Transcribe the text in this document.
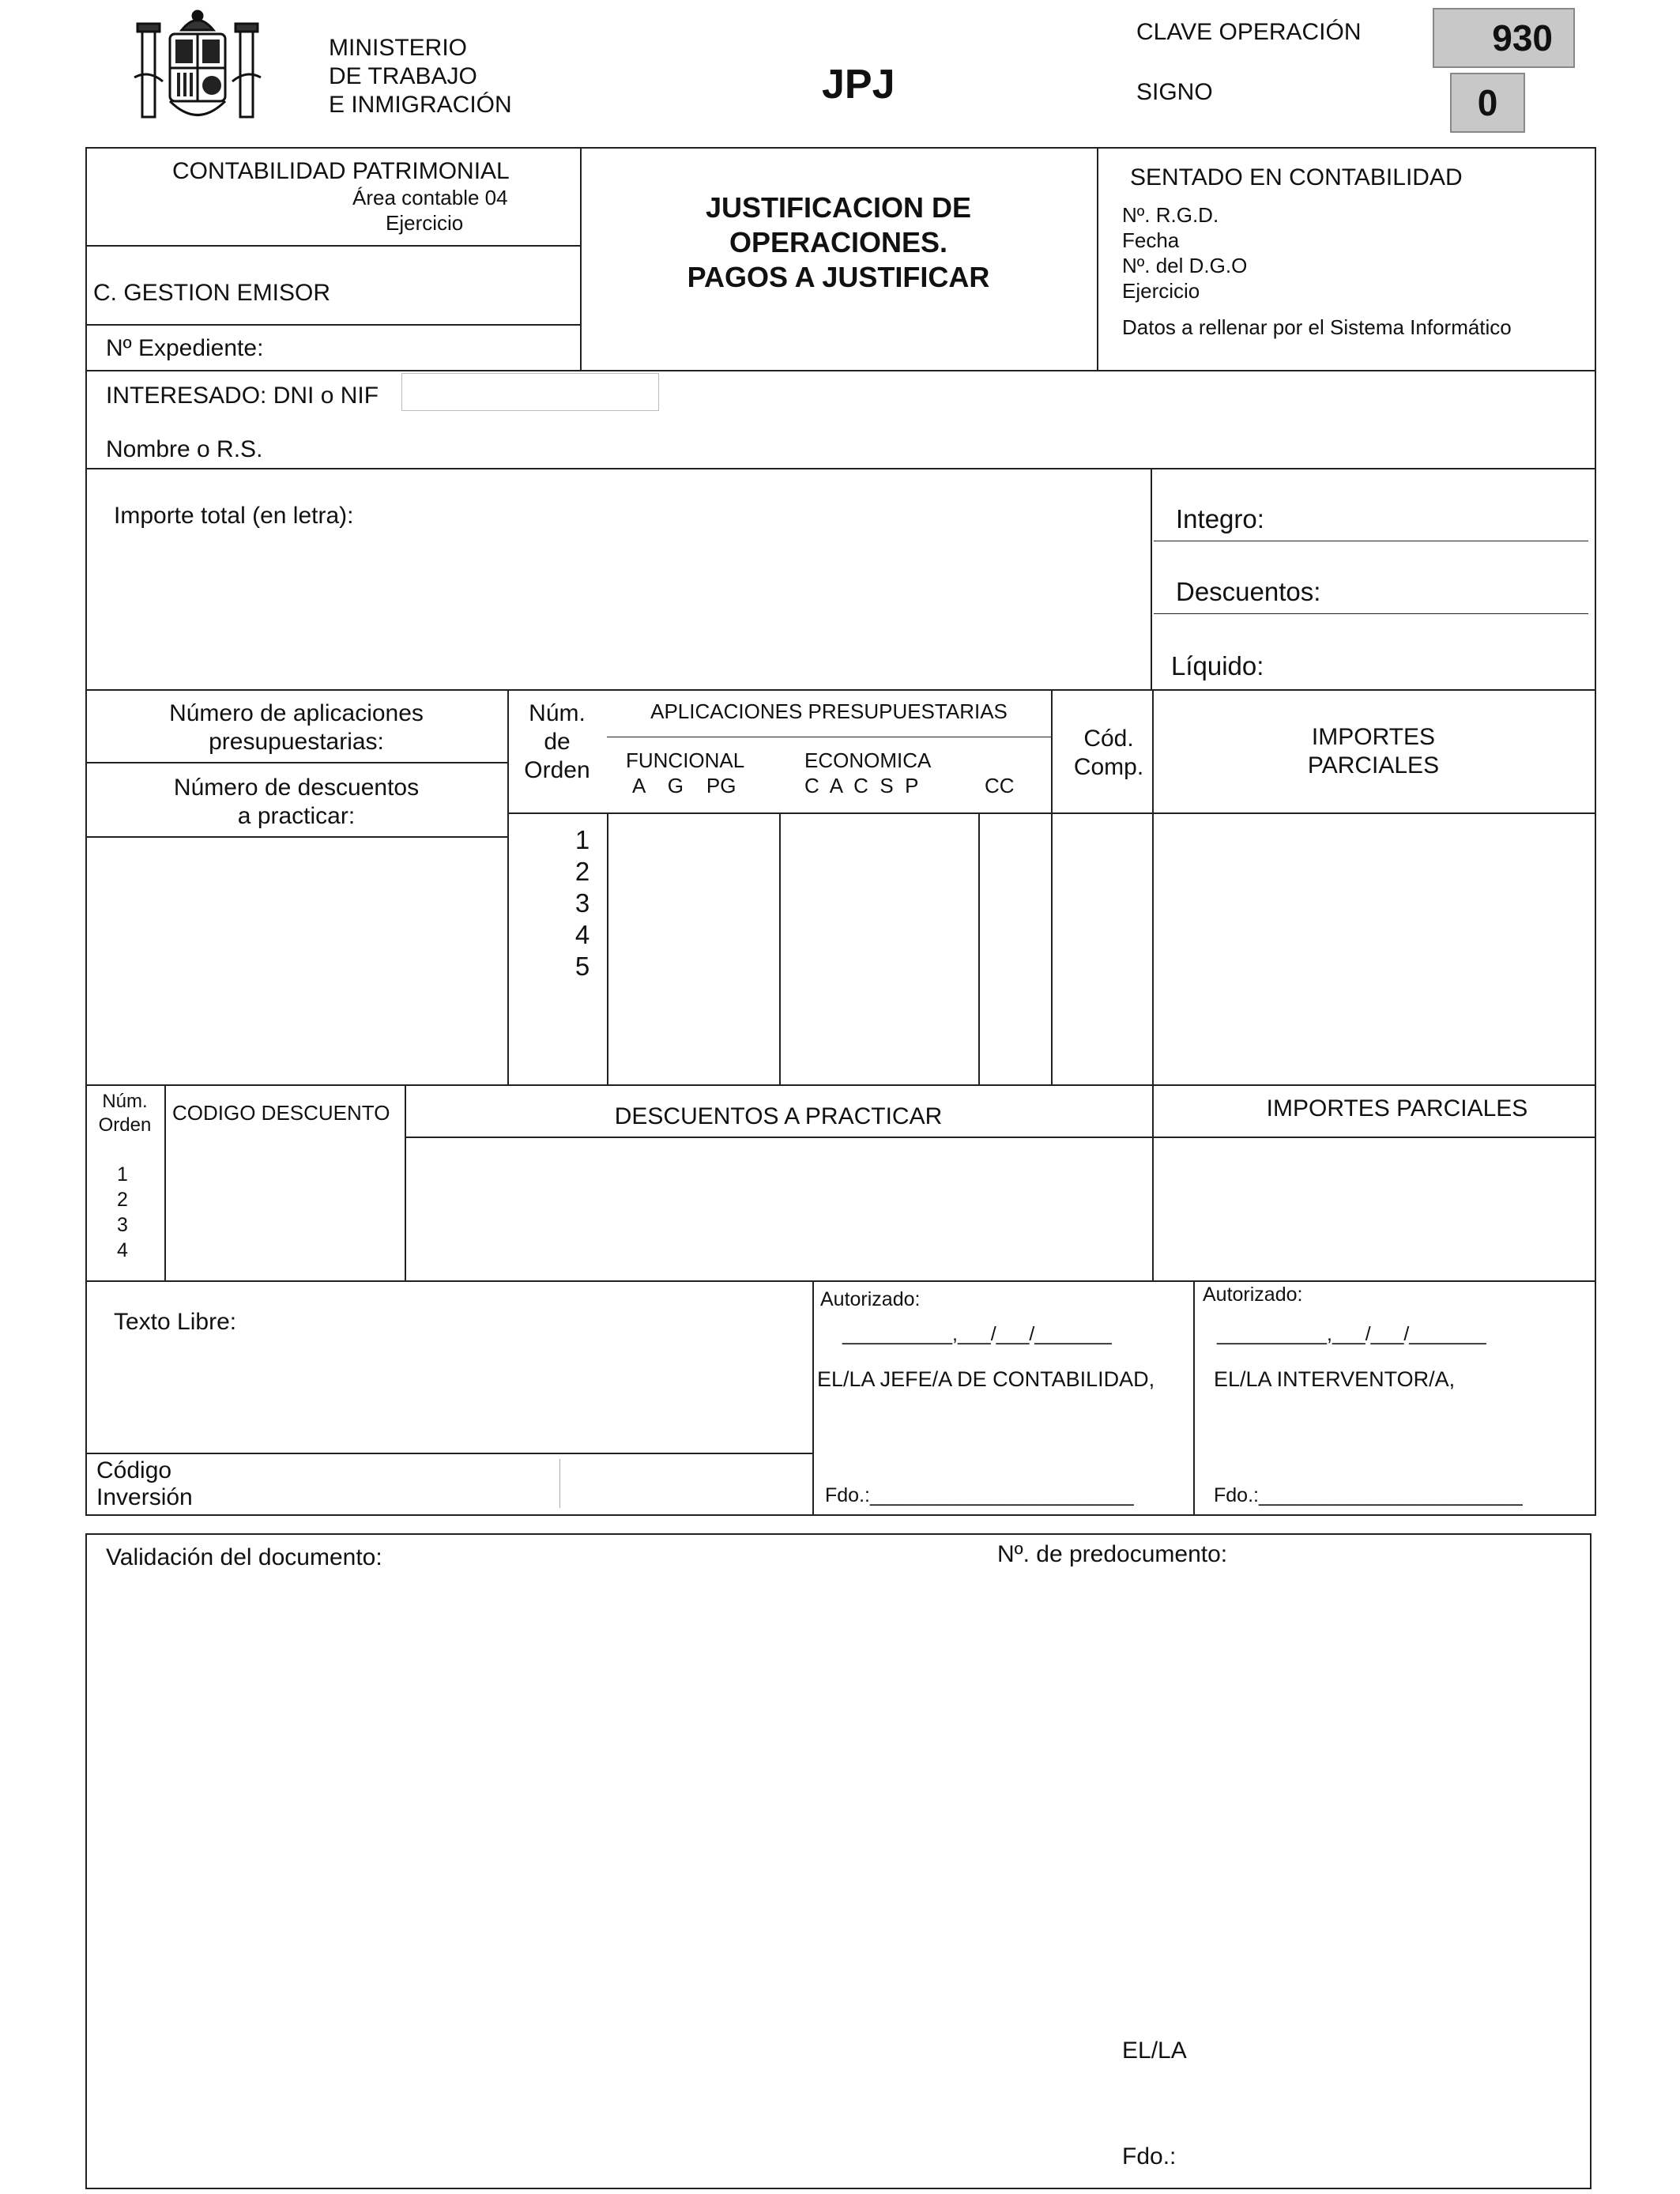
MINISTERIO
DE TRABAJO
E INMIGRACIÓN	JPJ
CLAVE OPERACIÓN
SIGNO
930
0
CONTABILIDAD PATRIMONIAL
Área contable 04
Ejercicio
C. GESTION EMISOR
Nº Expediente:
JUSTIFICACION DE
OPERACIONES.
PAGOS A JUSTIFICAR
SENTADO EN CONTABILIDAD
Nº. R.G.D.
Fecha
Nº. del D.G.O
Ejercicio
Datos a rellenar por el Sistema Informático
INTERESADO: DNI o NIF
Nombre o R.S.
Importe total (en letra):	Integro:
Descuentos:
Líquido:
Número de aplicaciones
presupuestarias:
Número de descuentos
a practicar:
Núm.
de
Orden
APLICACIONES PRESUPUESTARIAS
FUNCIONAL
A    G    PG
ECONOMICA
C  A  C  S  P	CC
Cód.
Comp.
IMPORTES
PARCIALES
1
2
3
4
5
Núm.
Orden
CODIGO DESCUENTO	DESCUENTOS A PRACTICAR	IMPORTES PARCIALES
1
2
3
4
Texto Libre:
Código
Inversión
Autorizado:
__________,___/___/_______
EL/LA JEFE/A DE CONTABILIDAD,
Fdo.:________________________
Autorizado:
__________,___/___/_______
EL/LA INTERVENTOR/A,
Fdo.:________________________
Validación del documento:	Nº. de predocumento:
EL/LA
Fdo.:
